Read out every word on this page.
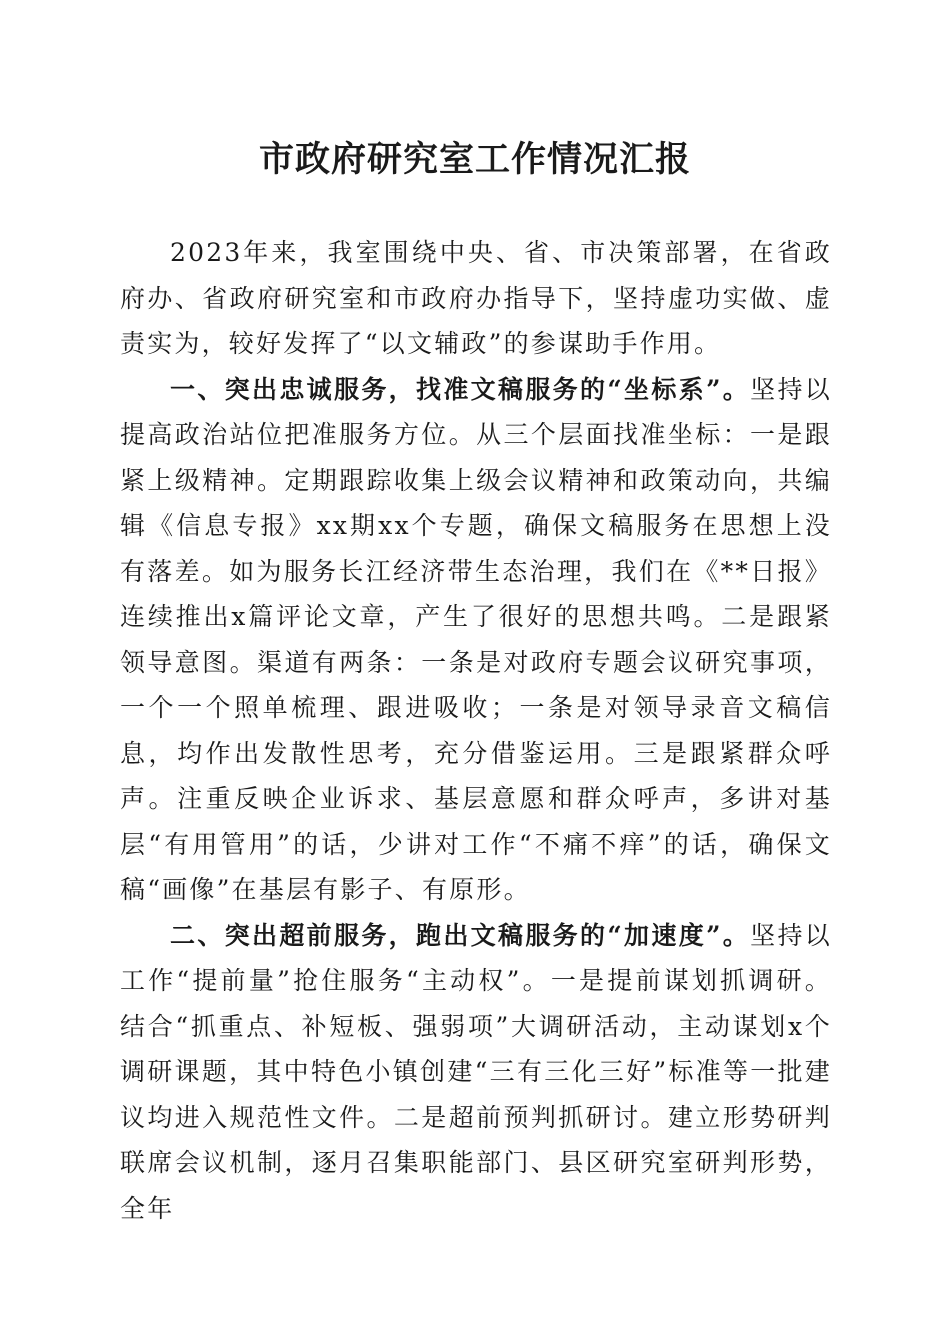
市政府研究室工作情况汇报

2023年来，我室围绕中央、省、市决策部署，在省政府办、省政府研究室和市政府办指导下，坚持虚功实做、虚责实为，较好发挥了“以文辅政”的参谋助手作用。

一、突出忠诚服务，找准文稿服务的“坐标系”。坚持以提高政治站位把准服务方位。从三个层面找准坐标：一是跟紧上级精神。定期跟踪收集上级会议精神和政策动向，共编辑《信息专报》xx期xx个专题，确保文稿服务在思想上没有落差。如为服务长江经济带生态治理，我们在《**日报》连续推出x篇评论文章，产生了很好的思想共鸣。二是跟紧领导意图。渠道有两条：一条是对政府专题会议研究事项，一个一个照单梳理、跟进吸收；一条是对领导录音文稿信息，均作出发散性思考，充分借鉴运用。三是跟紧群众呼声。注重反映企业诉求、基层意愿和群众呼声，多讲对基层“有用管用”的话，少讲对工作“不痛不痒”的话，确保文稿“画像”在基层有影子、有原形。

二、突出超前服务，跑出文稿服务的“加速度”。坚持以工作“提前量”抢住服务“主动权”。一是提前谋划抓调研。结合“抓重点、补短板、强弱项”大调研活动，主动谋划x个调研课题，其中特色小镇创建“三有三化三好”标准等一批建议均进入规范性文件。二是超前预判抓研讨。建立形势研判联席会议机制，逐月召集职能部门、县区研究室研判形势，全年
